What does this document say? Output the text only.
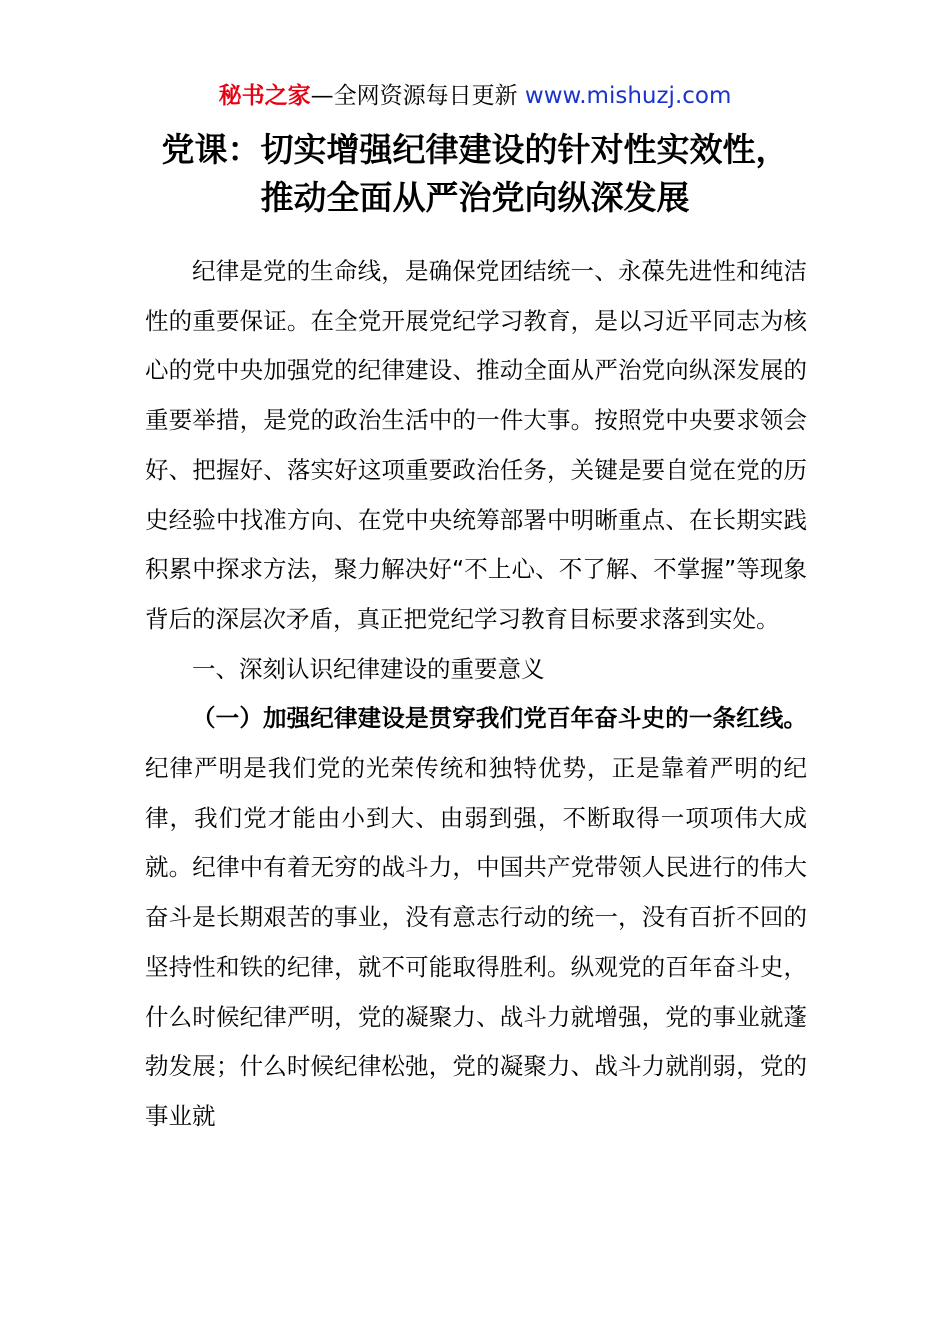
秘书之家—全网资源每日更新 www.mishuzj.com
党课：切实增强纪律建设的针对性实效性，推动全面从严治党向纵深发展

纪律是党的生命线，是确保党团结统一、永葆先进性和纯洁性的重要保证。在全党开展党纪学习教育，是以习近平同志为核心的党中央加强党的纪律建设、推动全面从严治党向纵深发展的重要举措，是党的政治生活中的一件大事。按照党中央要求领会好、把握好、落实好这项重要政治任务，关键是要自觉在党的历史经验中找准方向、在党中央统筹部署中明晰重点、在长期实践积累中探求方法，聚力解决好“不上心、不了解、不掌握”等现象背后的深层次矛盾，真正把党纪学习教育目标要求落到实处。

一、深刻认识纪律建设的重要意义

（一）加强纪律建设是贯穿我们党百年奋斗史的一条红线。纪律严明是我们党的光荣传统和独特优势，正是靠着严明的纪律，我们党才能由小到大、由弱到强，不断取得一项项伟大成就。纪律中有着无穷的战斗力，中国共产党带领人民进行的伟大奋斗是长期艰苦的事业，没有意志行动的统一，没有百折不回的坚持性和铁的纪律，就不可能取得胜利。纵观党的百年奋斗史，什么时候纪律严明，党的凝聚力、战斗力就增强，党的事业就蓬勃发展；什么时候纪律松弛，党的凝聚力、战斗力就削弱，党的事业就
